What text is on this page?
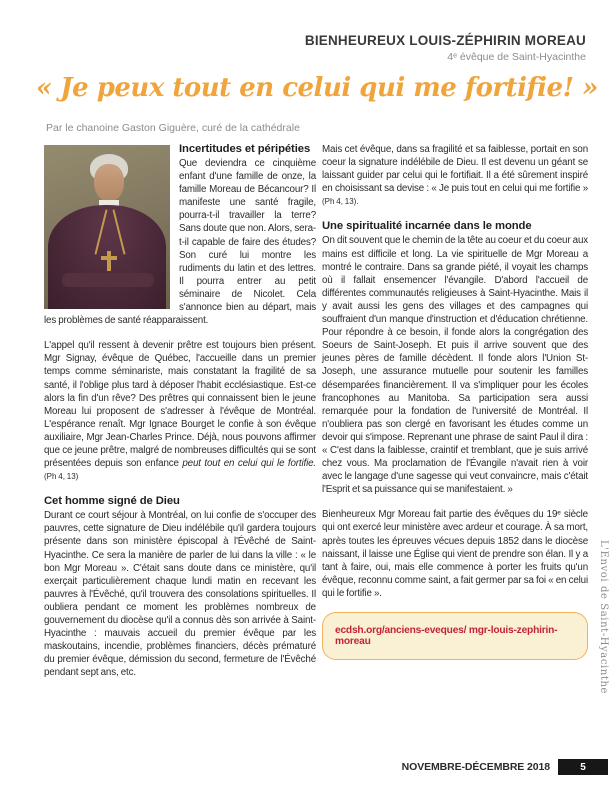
BIENHEUREUX LOUIS-ZÉPHIRIN MOREAU
4ᵉ évêque de Saint-Hyacinthe
« Je peux tout en celui qui me fortifie! »
Par le chanoine Gaston Giguère, curé de la cathédrale
Incertitudes et péripéties

Que deviendra ce cinquième enfant d'une famille de onze, la famille Moreau de Bécancour? Il manifeste une santé fragile, pourra-t-il travailler la terre? Sans doute que non. Alors, sera-t-il capable de faire des études? Son curé lui montre les rudiments du latin et des lettres. Il pourra entrer au petit séminaire de Nicolet. Cela s'annonce bien au départ, mais les problèmes de santé réapparaissent.

L'appel qu'il ressent à devenir prêtre est toujours bien présent. Mgr Signay, évêque de Québec, l'accueille dans un premier temps comme séminariste, mais constatant la fragilité de sa santé, il l'oblige plus tard à déposer l'habit ecclésiastique. Est-ce alors la fin d'un rêve? Des prêtres qui connaissent bien le jeune Moreau lui proposent de s'adresser à l'évêque de Montréal. L'espérance renaît. Mgr Ignace Bourget le confie à son évêque auxiliaire, Mgr Jean-Charles Prince. Déjà, nous pouvons affirmer que ce jeune prêtre, malgré de nombreuses difficultés qui se sont présentées depuis son enfance peut tout en celui qui le fortifie. (Ph 4, 13)

Cet homme signé de Dieu

Durant ce court séjour à Montréal, on lui confie de s'occuper des pauvres, cette signature de Dieu indélébile qu'il gardera toujours présente dans son ministère épiscopal à l'Évêché de Saint-Hyacinthe. Ce sera la manière de parler de lui dans la ville : « le bon Mgr Moreau ». C'était sans doute dans ce ministère, qu'il exerçait particulièrement chaque lundi matin en recevant les pauvres à l'Évêché, qu'il trouvera des consolations spirituelles. Il oubliera pendant ce moment les problèmes nombreux de gouvernement du diocèse qu'il a connus dès son arrivée à Saint-Hyacinthe : mauvais accueil du premier évêque par les maskoutains, incendie, problèmes financiers, décès prématuré du premier évêque, démission du second, fermeture de l'Évêché pendant sept ans, etc.

Mais cet évêque, dans sa fragilité et sa faiblesse, portait en son coeur la signature indélébile de Dieu. Il est devenu un géant se laissant guider par celui qui le fortifiait. Il a été sûrement inspiré en choisissant sa devise : « Je puis tout en celui qui me fortifie » (Ph 4, 13).

Une spiritualité incarnée dans le monde

On dit souvent que le chemin de la tête au coeur et du coeur aux mains est difficile et long. La vie spirituelle de Mgr Moreau a montré le contraire. Dans sa grande piété, il voyait les champs où il fallait ensemencer l'évangile. D'abord l'accueil de différentes communautés religieuses à Saint-Hyacinthe. Mais il y avait aussi les gens des villages et des campagnes qui souffraient d'un manque d'instruction et d'éducation chrétienne. Pour répondre à ce besoin, il fonde alors la congrégation des Soeurs de Saint-Joseph. Et puis il arrive souvent que des jeunes pères de famille décèdent. Il fonde alors l'Union St-Joseph, une assurance mutuelle pour soutenir les familles désemparées financièrement. Il va s'impliquer pour les écoles francophones au Manitoba. Sa participation sera aussi remarquée pour la fondation de l'université de Montréal. Il n'oubliera pas son clergé en favorisant les études comme un devoir qui s'impose. Reprenant une phrase de saint Paul il dira : « C'est dans la faiblesse, craintif et tremblant, que je suis arrivé chez vous. Ma proclamation de l'Évangile n'avait rien à voir avec le langage d'une sagesse qui veut convaincre, mais c'était l'Esprit et sa puissance qui se manifestaient. »

Bienheureux Mgr Moreau fait partie des évêques du 19ᵉ siècle qui ont exercé leur ministère avec ardeur et courage. À sa mort, après toutes les épreuves vécues depuis 1852 dans le diocèse naissant, il laisse une Église qui vient de prendre son élan. Il y a tant à faire, oui, mais elle commence à porter les fruits qu'un évêque, reconnu comme saint, a fait germer par sa foi « en celui qui le fortifie ».

ecdsh.org/anciens-eveques/ mgr-louis-zephirin-moreau	L'Envoi de Saint-Hyacinthe
NOVEMBRE-DÉCEMBRE 2018	5
